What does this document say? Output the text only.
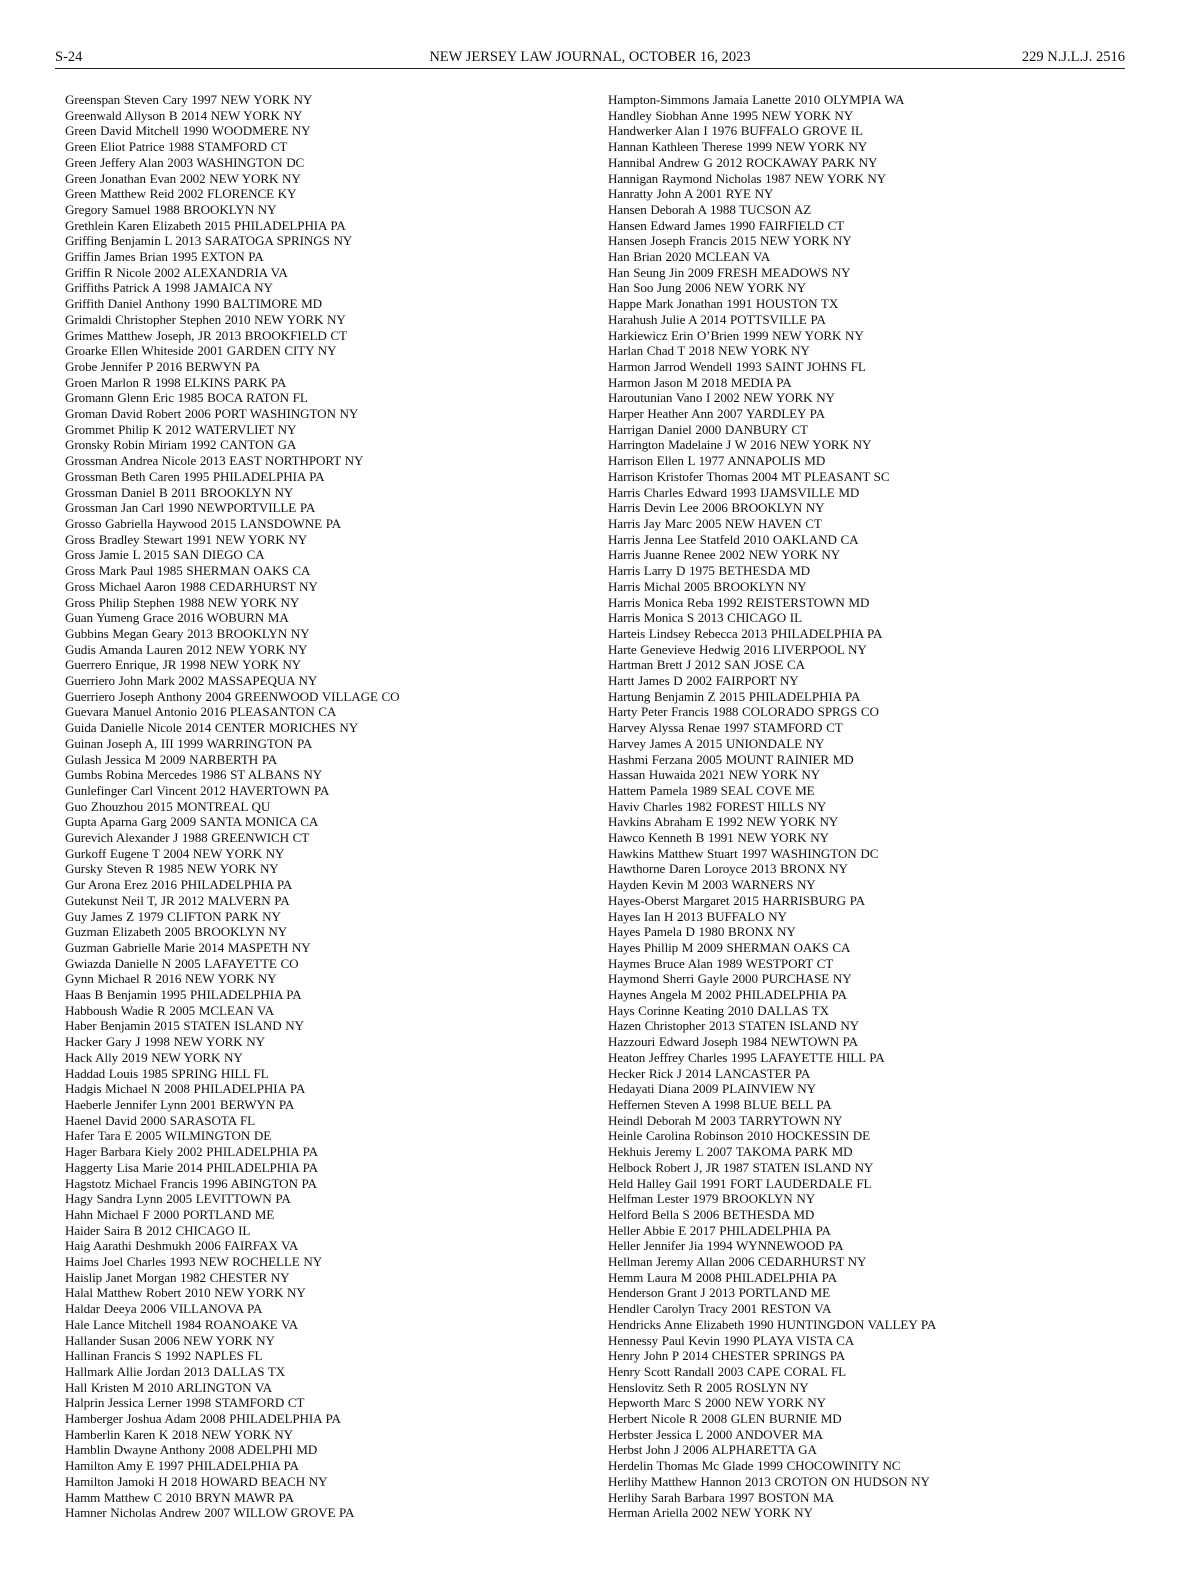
S-24	NEW JERSEY LAW JOURNAL, OCTOBER 16, 2023	229 N.J.L.J. 2516
Greenspan Steven Cary 1997 NEW YORK NY
Greenwald Allyson B 2014 NEW YORK NY
Green David Mitchell 1990 WOODMERE NY
Green Eliot Patrice 1988 STAMFORD CT
Green Jeffery Alan 2003 WASHINGTON DC
Green Jonathan Evan 2002 NEW YORK NY
Green Matthew Reid 2002 FLORENCE KY
Gregory Samuel 1988 BROOKLYN NY
Grethlein Karen Elizabeth 2015 PHILADELPHIA PA
Griffing Benjamin L 2013 SARATOGA SPRINGS NY
Griffin James Brian 1995 EXTON PA
Griffin R Nicole 2002 ALEXANDRIA VA
Griffiths Patrick A 1998 JAMAICA NY
Griffith Daniel Anthony 1990 BALTIMORE MD
Grimaldi Christopher Stephen 2010 NEW YORK NY
Grimes Matthew Joseph, JR 2013 BROOKFIELD CT
Groarke Ellen Whiteside 2001 GARDEN CITY NY
Grobe Jennifer P 2016 BERWYN PA
Groen Marlon R 1998 ELKINS PARK PA
Gromann Glenn Eric 1985 BOCA RATON FL
Groman David Robert 2006 PORT WASHINGTON NY
Grommet Philip K 2012 WATERVLIET NY
Gronsky Robin Miriam 1992 CANTON GA
Grossman Andrea Nicole 2013 EAST NORTHPORT NY
Grossman Beth Caren 1995 PHILADELPHIA PA
Grossman Daniel B 2011 BROOKLYN NY
Grossman Jan Carl 1990 NEWPORTVILLE PA
Grosso Gabriella Haywood 2015 LANSDOWNE PA
Gross Bradley Stewart 1991 NEW YORK NY
Gross Jamie L 2015 SAN DIEGO CA
Gross Mark Paul 1985 SHERMAN OAKS CA
Gross Michael Aaron 1988 CEDARHURST NY
Gross Philip Stephen 1988 NEW YORK NY
Guan Yumeng Grace 2016 WOBURN MA
Gubbins Megan Geary 2013 BROOKLYN NY
Gudis Amanda Lauren 2012 NEW YORK NY
Guerrero Enrique, JR 1998 NEW YORK NY
Guerriero John Mark 2002 MASSAPEQUA NY
Guerriero Joseph Anthony 2004 GREENWOOD VILLAGE CO
Guevara Manuel Antonio 2016 PLEASANTON CA
Guida Danielle Nicole 2014 CENTER MORICHES NY
Guinan Joseph A, III 1999 WARRINGTON PA
Gulash Jessica M 2009 NARBERTH PA
Gumbs Robina Mercedes 1986 ST ALBANS NY
Gunlefinger Carl Vincent 2012 HAVERTOWN PA
Guo Zhouzhou 2015 MONTREAL QU
Gupta Aparna Garg 2009 SANTA MONICA CA
Gurevich Alexander J 1988 GREENWICH CT
Gurkoff Eugene T 2004 NEW YORK NY
Gursky Steven R 1985 NEW YORK NY
Gur Arona Erez 2016 PHILADELPHIA PA
Gutekunst Neil T, JR 2012 MALVERN PA
Guy James Z 1979 CLIFTON PARK NY
Guzman Elizabeth 2005 BROOKLYN NY
Guzman Gabrielle Marie 2014 MASPETH NY
Gwiazda Danielle N 2005 LAFAYETTE CO
Gynn Michael R 2016 NEW YORK NY
Haas B Benjamin 1995 PHILADELPHIA PA
Habboush Wadie R 2005 MCLEAN VA
Haber Benjamin 2015 STATEN ISLAND NY
Hacker Gary J 1998 NEW YORK NY
Hack Ally 2019 NEW YORK NY
Haddad Louis 1985 SPRING HILL FL
Hadgis Michael N 2008 PHILADELPHIA PA
Haeberle Jennifer Lynn 2001 BERWYN PA
Haenel David 2000 SARASOTA FL
Hafer Tara E 2005 WILMINGTON DE
Hager Barbara Kiely 2002 PHILADELPHIA PA
Haggerty Lisa Marie 2014 PHILADELPHIA PA
Hagstotz Michael Francis 1996 ABINGTON PA
Hagy Sandra Lynn 2005 LEVITTOWN PA
Hahn Michael F 2000 PORTLAND ME
Haider Saira B 2012 CHICAGO IL
Haig Aarathi Deshmukh 2006 FAIRFAX VA
Haims Joel Charles 1993 NEW ROCHELLE NY
Haislip Janet Morgan 1982 CHESTER NY
Halal Matthew Robert 2010 NEW YORK NY
Haldar Deeya 2006 VILLANOVA PA
Hale Lance Mitchell 1984 ROANOAKE VA
Hallander Susan 2006 NEW YORK NY
Hallinan Francis S 1992 NAPLES FL
Hallmark Allie Jordan 2013 DALLAS TX
Hall Kristen M 2010 ARLINGTON VA
Halprin Jessica Lerner 1998 STAMFORD CT
Hamberger Joshua Adam 2008 PHILADELPHIA PA
Hamberlin Karen K 2018 NEW YORK NY
Hamblin Dwayne Anthony 2008 ADELPHI MD
Hamilton Amy E 1997 PHILADELPHIA PA
Hamilton Jamoki H 2018 HOWARD BEACH NY
Hamm Matthew C 2010 BRYN MAWR PA
Hamner Nicholas Andrew 2007 WILLOW GROVE PA
Hampton-Simmons Jamaia Lanette 2010 OLYMPIA WA
Handley Siobhan Anne 1995 NEW YORK NY
Handwerker Alan I 1976 BUFFALO GROVE IL
Hannan Kathleen Therese 1999 NEW YORK NY
Hannibal Andrew G 2012 ROCKAWAY PARK NY
Hannigan Raymond Nicholas 1987 NEW YORK NY
Hanratty John A 2001 RYE NY
Hansen Deborah A 1988 TUCSON AZ
Hansen Edward James 1990 FAIRFIELD CT
Hansen Joseph Francis 2015 NEW YORK NY
Han Brian 2020 MCLEAN VA
Han Seung Jin 2009 FRESH MEADOWS NY
Han Soo Jung 2006 NEW YORK NY
Happe Mark Jonathan 1991 HOUSTON TX
Harahush Julie A 2014 POTTSVILLE PA
Harkiewicz Erin O’Brien 1999 NEW YORK NY
Harlan Chad T 2018 NEW YORK NY
Harmon Jarrod Wendell 1993 SAINT JOHNS FL
Harmon Jason M 2018 MEDIA PA
Haroutunian Vano I 2002 NEW YORK NY
Harper Heather Ann 2007 YARDLEY PA
Harrigan Daniel 2000 DANBURY CT
Harrington Madelaine J W 2016 NEW YORK NY
Harrison Ellen L 1977 ANNAPOLIS MD
Harrison Kristofer Thomas 2004 MT PLEASANT SC
Harris Charles Edward 1993 IJAMSVILLE MD
Harris Devin Lee 2006 BROOKLYN NY
Harris Jay Marc 2005 NEW HAVEN CT
Harris Jenna Lee Statfeld 2010 OAKLAND CA
Harris Juanne Renee 2002 NEW YORK NY
Harris Larry D 1975 BETHESDA MD
Harris Michal 2005 BROOKLYN NY
Harris Monica Reba 1992 REISTERSTOWN MD
Harris Monica S 2013 CHICAGO IL
Harteis Lindsey Rebecca 2013 PHILADELPHIA PA
Harte Genevieve Hedwig 2016 LIVERPOOL NY
Hartman Brett J 2012 SAN JOSE CA
Hartt James D 2002 FAIRPORT NY
Hartung Benjamin Z 2015 PHILADELPHIA PA
Harty Peter Francis 1988 COLORADO SPRGS CO
Harvey Alyssa Renae 1997 STAMFORD CT
Harvey James A 2015 UNIONDALE NY
Hashmi Ferzana 2005 MOUNT RAINIER MD
Hassan Huwaida 2021 NEW YORK NY
Hattem Pamela 1989 SEAL COVE ME
Haviv Charles 1982 FOREST HILLS NY
Havkins Abraham E 1992 NEW YORK NY
Hawco Kenneth B 1991 NEW YORK NY
Hawkins Matthew Stuart 1997 WASHINGTON DC
Hawthorne Daren Loroyce 2013 BRONX NY
Hayden Kevin M 2003 WARNERS NY
Hayes-Oberst Margaret 2015 HARRISBURG PA
Hayes Ian H 2013 BUFFALO NY
Hayes Pamela D 1980 BRONX NY
Hayes Phillip M 2009 SHERMAN OAKS CA
Haymes Bruce Alan 1989 WESTPORT CT
Haymond Sherri Gayle 2000 PURCHASE NY
Haynes Angela M 2002 PHILADELPHIA PA
Hays Corinne Keating 2010 DALLAS TX
Hazen Christopher 2013 STATEN ISLAND NY
Hazzouri Edward Joseph 1984 NEWTOWN PA
Heaton Jeffrey Charles 1995 LAFAYETTE HILL PA
Hecker Rick J 2014 LANCASTER PA
Hedayati Diana 2009 PLAINVIEW NY
Heffernen Steven A 1998 BLUE BELL PA
Heindl Deborah M 2003 TARRYTOWN NY
Heinle Carolina Robinson 2010 HOCKESSIN DE
Hekhuis Jeremy L 2007 TAKOMA PARK MD
Helbock Robert J, JR 1987 STATEN ISLAND NY
Held Halley Gail 1991 FORT LAUDERDALE FL
Helfman Lester 1979 BROOKLYN NY
Helford Bella S 2006 BETHESDA MD
Heller Abbie E 2017 PHILADELPHIA PA
Heller Jennifer Jia 1994 WYNNEWOOD PA
Hellman Jeremy Allan 2006 CEDARHURST NY
Hemm Laura M 2008 PHILADELPHIA PA
Henderson Grant J 2013 PORTLAND ME
Hendler Carolyn Tracy 2001 RESTON VA
Hendricks Anne Elizabeth 1990 HUNTINGDON VALLEY PA
Hennessy Paul Kevin 1990 PLAYA VISTA CA
Henry John P 2014 CHESTER SPRINGS PA
Henry Scott Randall 2003 CAPE CORAL FL
Henslovitz Seth R 2005 ROSLYN NY
Hepworth Marc S 2000 NEW YORK NY
Herbert Nicole R 2008 GLEN BURNIE MD
Herbster Jessica L 2000 ANDOVER MA
Herbst John J 2006 ALPHARETTA GA
Herdelin Thomas Mc Glade 1999 CHOCOWINITY NC
Herlihy Matthew Hannon 2013 CROTON ON HUDSON NY
Herlihy Sarah Barbara 1997 BOSTON MA
Herman Ariella 2002 NEW YORK NY
